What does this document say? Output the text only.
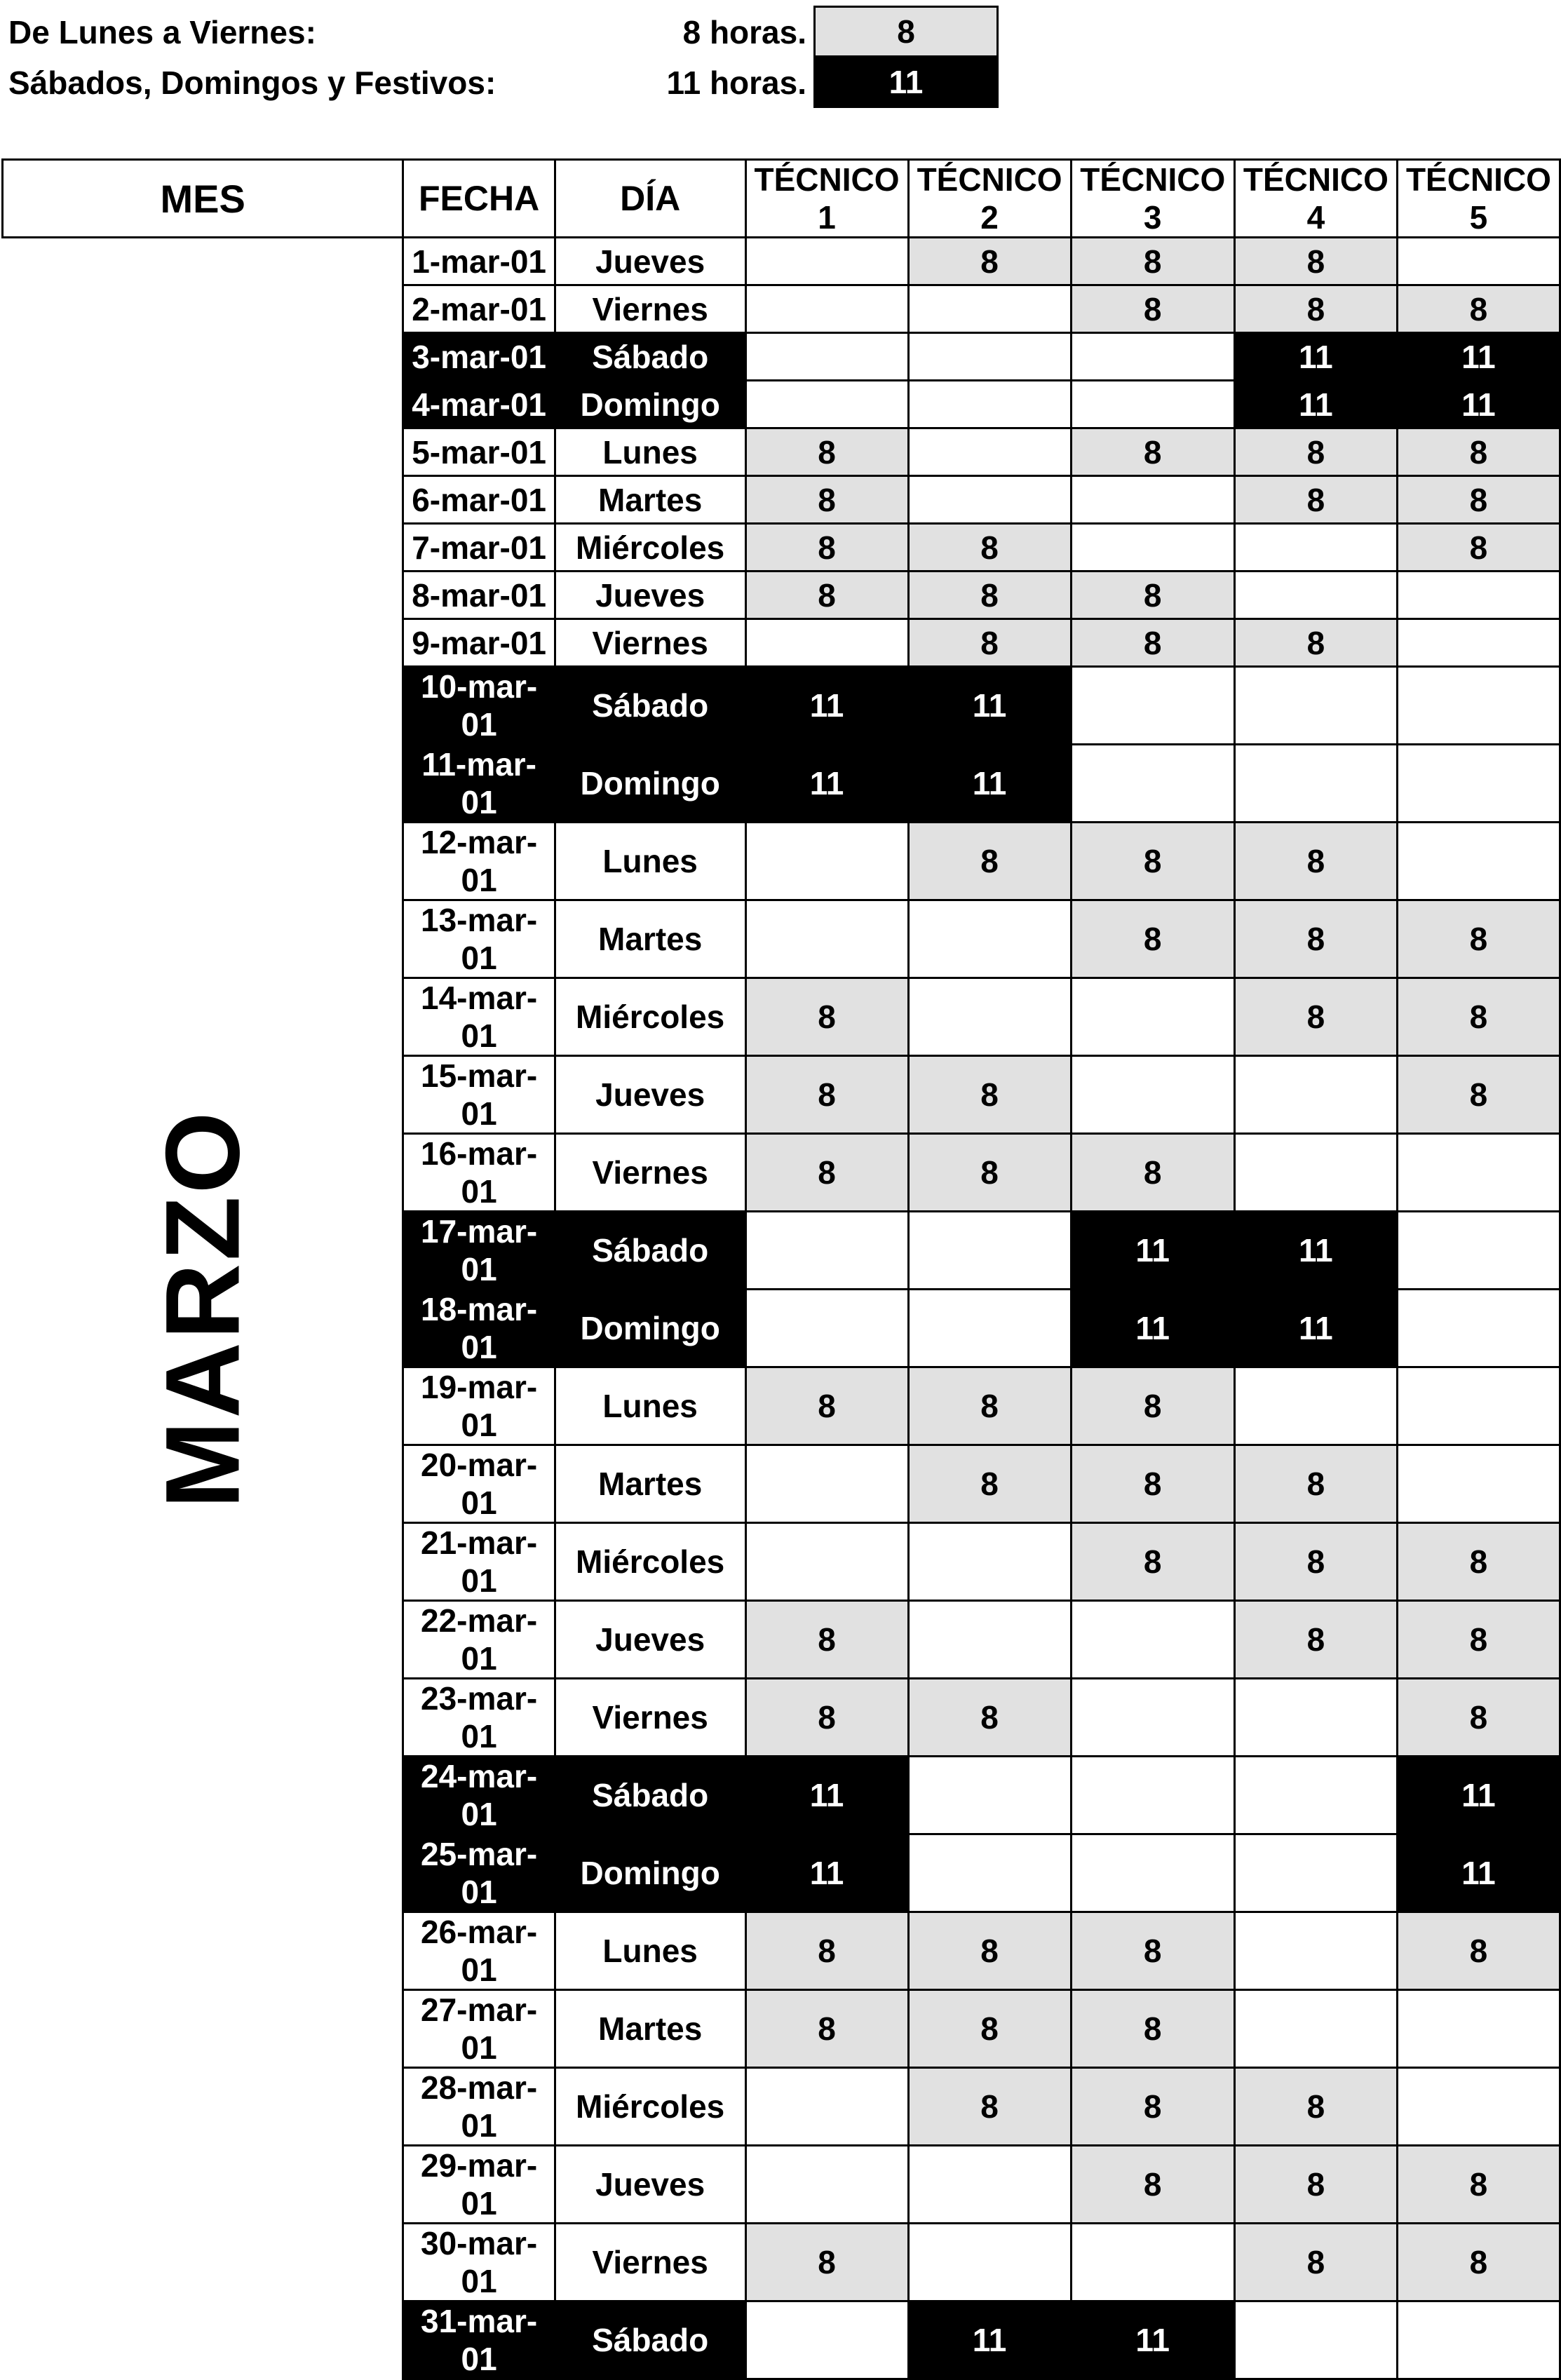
De Lunes a Viernes:	8 horas.	8
Sábados, Domingos y Festivos:	11 horas.	11
MES	FECHA	DÍA	TÉCNICO 1	TÉCNICO 2	TÉCNICO 3	TÉCNICO 4	TÉCNICO 5
MARZO	1-mar-01	Jueves		8	8	8	
	2-mar-01	Viernes			8	8	8
	3-mar-01	Sábado				11	11
	4-mar-01	Domingo				11	11
	5-mar-01	Lunes	8		8	8	8
	6-mar-01	Martes	8			8	8
	7-mar-01	Miércoles	8	8			8
	8-mar-01	Jueves	8	8	8		
	9-mar-01	Viernes		8	8	8	
	10-mar-01	Sábado	11	11			
	11-mar-01	Domingo	11	11			
	12-mar-01	Lunes		8	8	8	
	13-mar-01	Martes			8	8	8
	14-mar-01	Miércoles	8			8	8
	15-mar-01	Jueves	8	8			8
	16-mar-01	Viernes	8	8	8		
	17-mar-01	Sábado			11	11	
	18-mar-01	Domingo			11	11	
	19-mar-01	Lunes	8	8	8		
	20-mar-01	Martes		8	8	8	
	21-mar-01	Miércoles			8	8	8
	22-mar-01	Jueves	8			8	8
	23-mar-01	Viernes	8	8			8
	24-mar-01	Sábado	11				11
	25-mar-01	Domingo	11				11
	26-mar-01	Lunes	8	8	8		8
	27-mar-01	Martes	8	8	8		
	28-mar-01	Miércoles		8	8	8	
	29-mar-01	Jueves			8	8	8
	30-mar-01	Viernes	8			8	8
	31-mar-01	Sábado		11	11		
